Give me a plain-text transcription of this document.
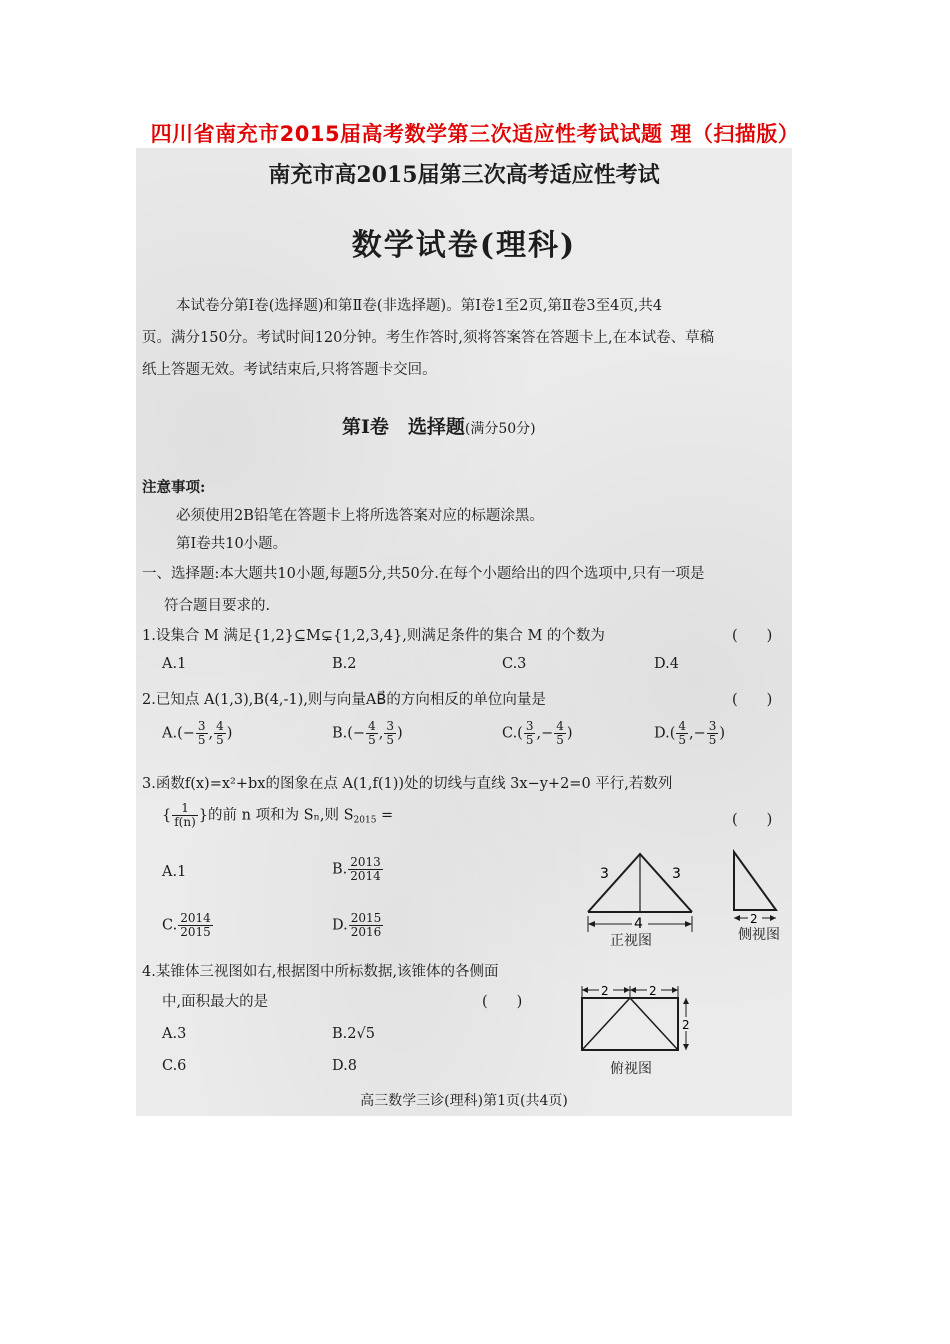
四川省南充市2015届高考数学第三次适应性考试试题 理（扫描版）
南充市高2015届第三次高考适应性考试
数学试卷(理科)
本试卷分第Ⅰ卷(选择题)和第Ⅱ卷(非选择题)。第Ⅰ卷1至2页,第Ⅱ卷3至4页,共4
页。满分150分。考试时间120分钟。考生作答时,须将答案答在答题卡上,在本试卷、草稿
纸上答题无效。考试结束后,只将答题卡交回。
第Ⅰ卷　选择题(满分50分)
注意事项:
必须使用2B铅笔在答题卡上将所选答案对应的标题涂黑。
第Ⅰ卷共10小题。
一、选择题:本大题共10小题,每题5分,共50分.在每个小题给出的四个选项中,只有一项是
符合题目要求的.
1.设集合 M 满足{1,2}⊆M⊊{1,2,3,4},则满足条件的集合 M 的个数为	(　　)
A.1	B.2	C.3	D.4
2.已知点 A(1,3),B(4,-1),则与向量AB⃗的方向相反的单位向量是	(　　)
$A.(- \frac{3}{5}$ , $\frac{4}{5}$ )	$B.(- \frac{4}{5}$ , $\frac{3}{5}$ )	$C.( \frac{3}{5}$ ,− $\frac{4}{5}$ )	$D.( \frac{4}{5}$ ,− $\frac{3}{5}$ )
3.函数f(x)=x²+bx的图象在点 A(1,f(1))处的切线与直线 3x−y+2=0 平行,若数列
{ $\frac{1}{f(n)}$ }的前 n 项和为 Sₙ,则 $S_{2015}$ =	(　　)
A.1	B. $\frac{2013}{2014}$
C. $\frac{2014}{2015}$	D. $\frac{2015}{2016}$
4.某锥体三视图如右,根据图中所标数据,该锥体的各侧面
中,面积最大的是	(　　)
A.3	B.2√5
C.6	D.8
3	3
4
正视图
2
侧视图
2	2
2
俯视图
高三数学三诊(理科)第1页(共4页)
